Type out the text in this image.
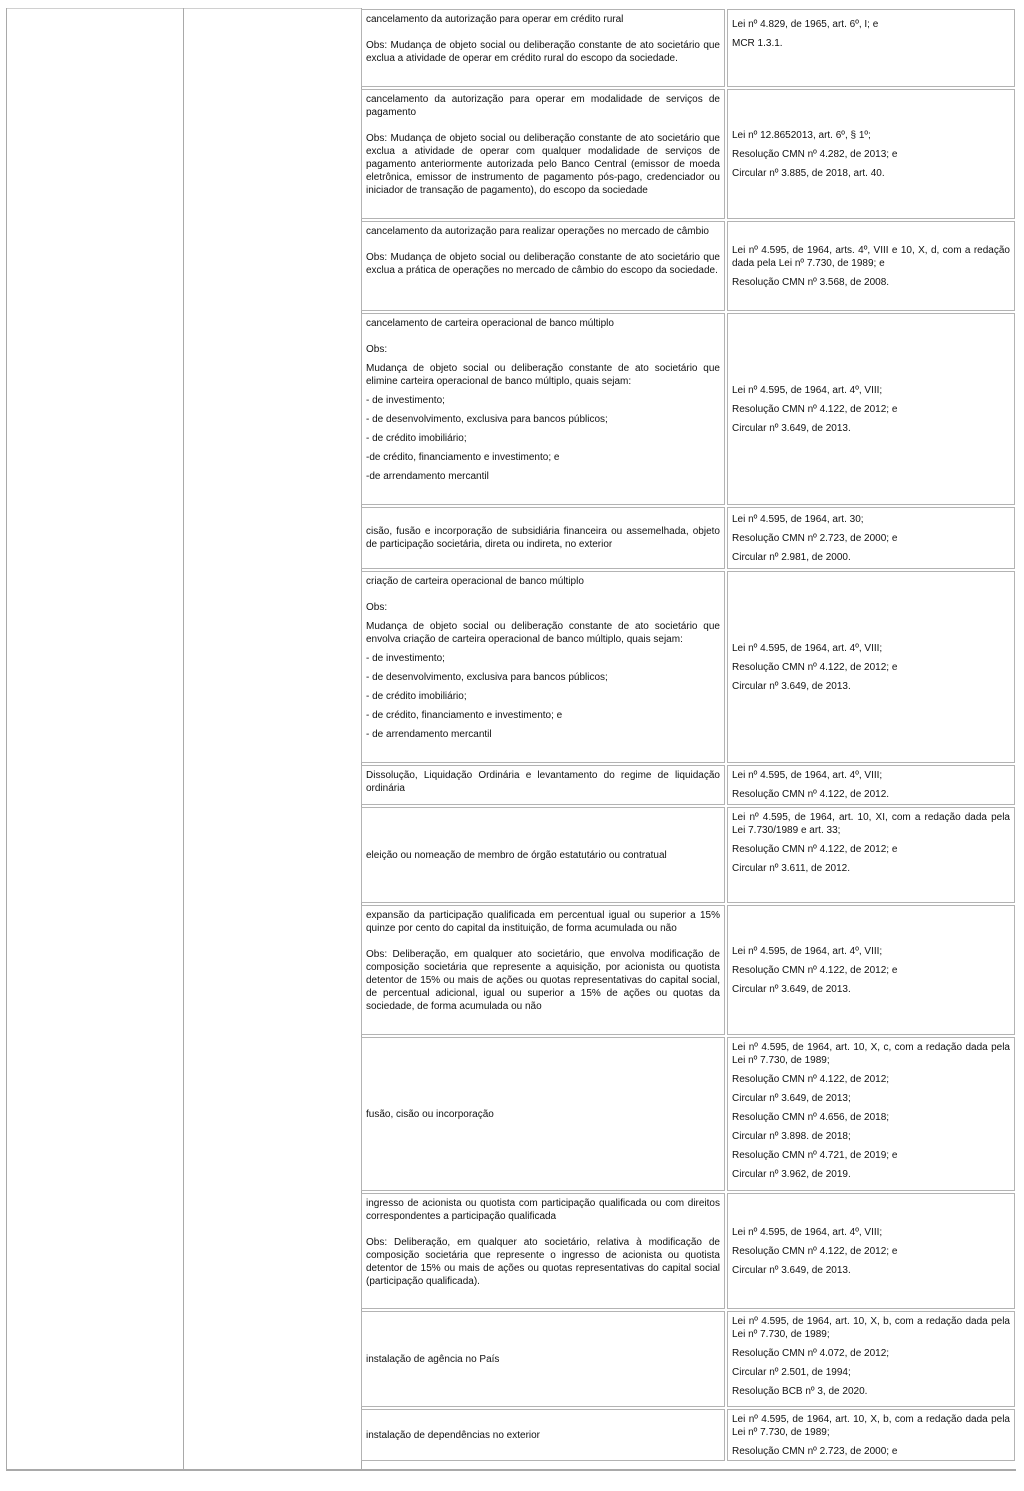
cancelamento da autorização para operar em crédito rural

Obs: Mudança de objeto social ou deliberação constante de ato societário que exclua a atividade de operar em crédito rural do escopo da sociedade.

Lei nº 4.829, de 1965, art. 6º, I; e

MCR 1.3.1.

cancelamento da autorização para operar em modalidade de serviços de pagamento

Obs: Mudança de objeto social ou deliberação constante de ato societário que exclua a atividade de operar com qualquer modalidade de serviços de pagamento anteriormente autorizada pelo Banco Central (emissor de moeda eletrônica, emissor de instrumento de pagamento pós-pago, credenciador ou iniciador de transação de pagamento), do escopo da sociedade

Lei nº 12.8652013, art. 6º, § 1º;

Resolução CMN nº 4.282, de 2013; e

Circular nº 3.885, de 2018, art. 40.

cancelamento da autorização para realizar operações no mercado de câmbio

Obs: Mudança de objeto social ou deliberação constante de ato societário que exclua a prática de operações no mercado de câmbio do escopo da sociedade.

Lei nº 4.595, de 1964, arts. 4º, VIII e 10, X, d, com a redação dada pela Lei nº 7.730, de 1989; e

Resolução CMN nº 3.568, de 2008.

cancelamento de carteira operacional de banco múltiplo

Obs:

Mudança de objeto social ou deliberação constante de ato societário que elimine carteira operacional de banco múltiplo, quais sejam:

- de investimento;

- de desenvolvimento, exclusiva para bancos públicos;

- de crédito imobiliário;

-de crédito, financiamento e investimento; e

-de arrendamento mercantil

Lei nº 4.595, de 1964, art. 4º, VIII;

Resolução CMN nº 4.122, de 2012; e

Circular nº 3.649, de 2013.

cisão, fusão e incorporação de subsidiária financeira ou assemelhada, objeto de participação societária, direta ou indireta, no exterior

Lei nº 4.595, de 1964, art. 30;

Resolução CMN nº 2.723, de 2000; e

Circular nº 2.981, de 2000.

criação de carteira operacional de banco múltiplo

Obs:

Mudança de objeto social ou deliberação constante de ato societário que envolva criação de carteira operacional de banco múltiplo, quais sejam:

- de investimento;

- de desenvolvimento, exclusiva para bancos públicos;

- de crédito imobiliário;

- de crédito, financiamento e investimento; e

- de arrendamento mercantil

Lei nº 4.595, de 1964, art. 4º, VIII;

Resolução CMN nº 4.122, de 2012; e

Circular nº 3.649, de 2013.

Dissolução, Liquidação Ordinária e levantamento do regime de liquidação ordinária

Lei nº 4.595, de 1964, art. 4º, VIII;

Resolução CMN nº 4.122, de 2012.

eleição ou nomeação de membro de órgão estatutário ou contratual

Lei nº 4.595, de 1964, art. 10, XI, com a redação dada pela Lei 7.730/1989 e art. 33;

Resolução CMN nº 4.122, de 2012; e

Circular nº 3.611, de 2012.

expansão da participação qualificada em percentual igual ou superior a 15% quinze por cento do capital da instituição, de forma acumulada ou não

Obs: Deliberação, em qualquer ato societário, que envolva modificação de composição societária que represente a aquisição, por acionista ou quotista detentor de 15% ou mais de ações ou quotas representativas do capital social, de percentual adicional, igual ou superior a 15% de ações ou quotas da sociedade, de forma acumulada ou não

Lei nº 4.595, de 1964, art. 4º, VIII;

Resolução CMN nº 4.122, de 2012; e

Circular nº 3.649, de 2013.

fusão, cisão ou incorporação

Lei nº 4.595, de 1964, art. 10, X, c, com a redação dada pela Lei nº 7.730, de 1989;

Resolução CMN nº 4.122, de 2012;

Circular nº 3.649, de 2013;

Resolução CMN nº 4.656, de 2018;

Circular nº 3.898. de 2018;

Resolução CMN nº 4.721, de 2019; e

Circular nº 3.962, de 2019.

ingresso de acionista ou quotista com participação qualificada ou com direitos correspondentes a participação qualificada

Obs: Deliberação, em qualquer ato societário, relativa à modificação de composição societária que represente o ingresso de acionista ou quotista detentor de 15% ou mais de ações ou quotas representativas do capital social (participação qualificada).

Lei nº 4.595, de 1964, art. 4º, VIII;

Resolução CMN nº 4.122, de 2012; e

Circular nº 3.649, de 2013.

instalação de agência no País

Lei nº 4.595, de 1964, art. 10, X, b, com a redação dada pela Lei nº 7.730, de 1989;

Resolução CMN nº 4.072, de 2012;

Circular nº 2.501, de 1994;

Resolução BCB nº 3, de 2020.

instalação de dependências no exterior

Lei nº 4.595, de 1964, art. 10, X, b, com a redação dada pela Lei nº 7.730, de 1989;

Resolução CMN nº 2.723, de 2000; e
